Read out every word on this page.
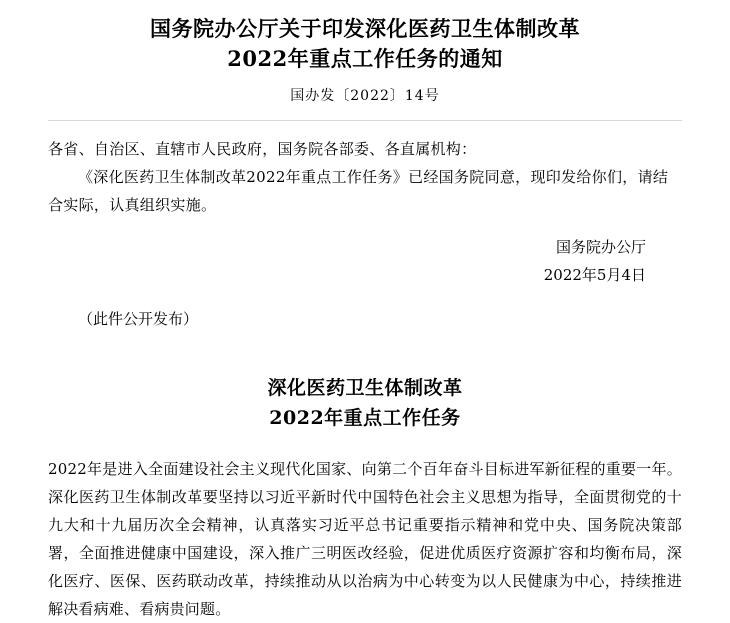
国务院办公厅关于印发深化医药卫生体制改革
2022年重点工作任务的通知
国办发〔2022〕14号

各省、自治区、直辖市人民政府，国务院各部委、各直属机构：

《深化医药卫生体制改革2022年重点工作任务》已经国务院同意，现印发给你们，请结合实际，认真组织实施。

国务院办公厅
2022年5月4日
（此件公开发布）
深化医药卫生体制改革
2022年重点工作任务
2022年是进入全面建设社会主义现代化国家、向第二个百年奋斗目标进军新征程的重要一年。深化医药卫生体制改革要坚持以习近平新时代中国特色社会主义思想为指导，全面贯彻党的十九大和十九届历次全会精神，认真落实习近平总书记重要指示精神和党中央、国务院决策部署，全面推进健康中国建设，深入推广三明医改经验，促进优质医疗资源扩容和均衡布局，深化医疗、医保、医药联动改革，持续推动从以治病为中心转变为以人民健康为中心，持续推进解决看病难、看病贵问题。
